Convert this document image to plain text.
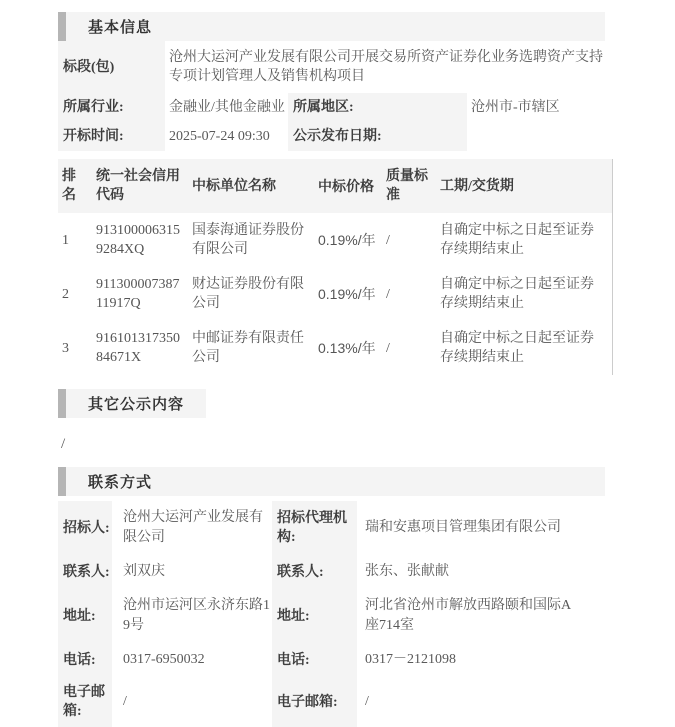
基本信息
标段(包)
沧州大运河产业发展有限公司开展交易所资产证券化业务选聘资产支持专项计划管理人及销售机构项目
所属行业:	金融业/其他金融业 所属地区:	沧州市-市辖区
开标时间:	2025-07-24 09:30	公示发布日期:
排名	统一社会信用代码	中标单位名称	中标价格	质量标准	工期/交货期
1	9131000063159284XQ	国泰海通证券股份有限公司	0.19%/年	/	自确定中标之日起至证券存续期结束止
2	91130000738711917Q	财达证券股份有限公司	0.19%/年	/	自确定中标之日起至证券存续期结束止
3	91610131735084671X	中邮证券有限责任公司	0.13%/年	/	自确定中标之日起至证券存续期结束止
其它公示内容
/
联系方式
招标人:
沧州大运河产业发展有限公司
招标代理机构:
瑞和安惠项目管理集团有限公司
联系人: 刘双庆	联系人:	张东、张献献
地址:
沧州市运河区永济东路19号
地址:
河北省沧州市解放西路颐和国际A座714室
电话:	0317-6950032	电话:	0317－2121098
电子邮箱:
/	电子邮箱:	/
